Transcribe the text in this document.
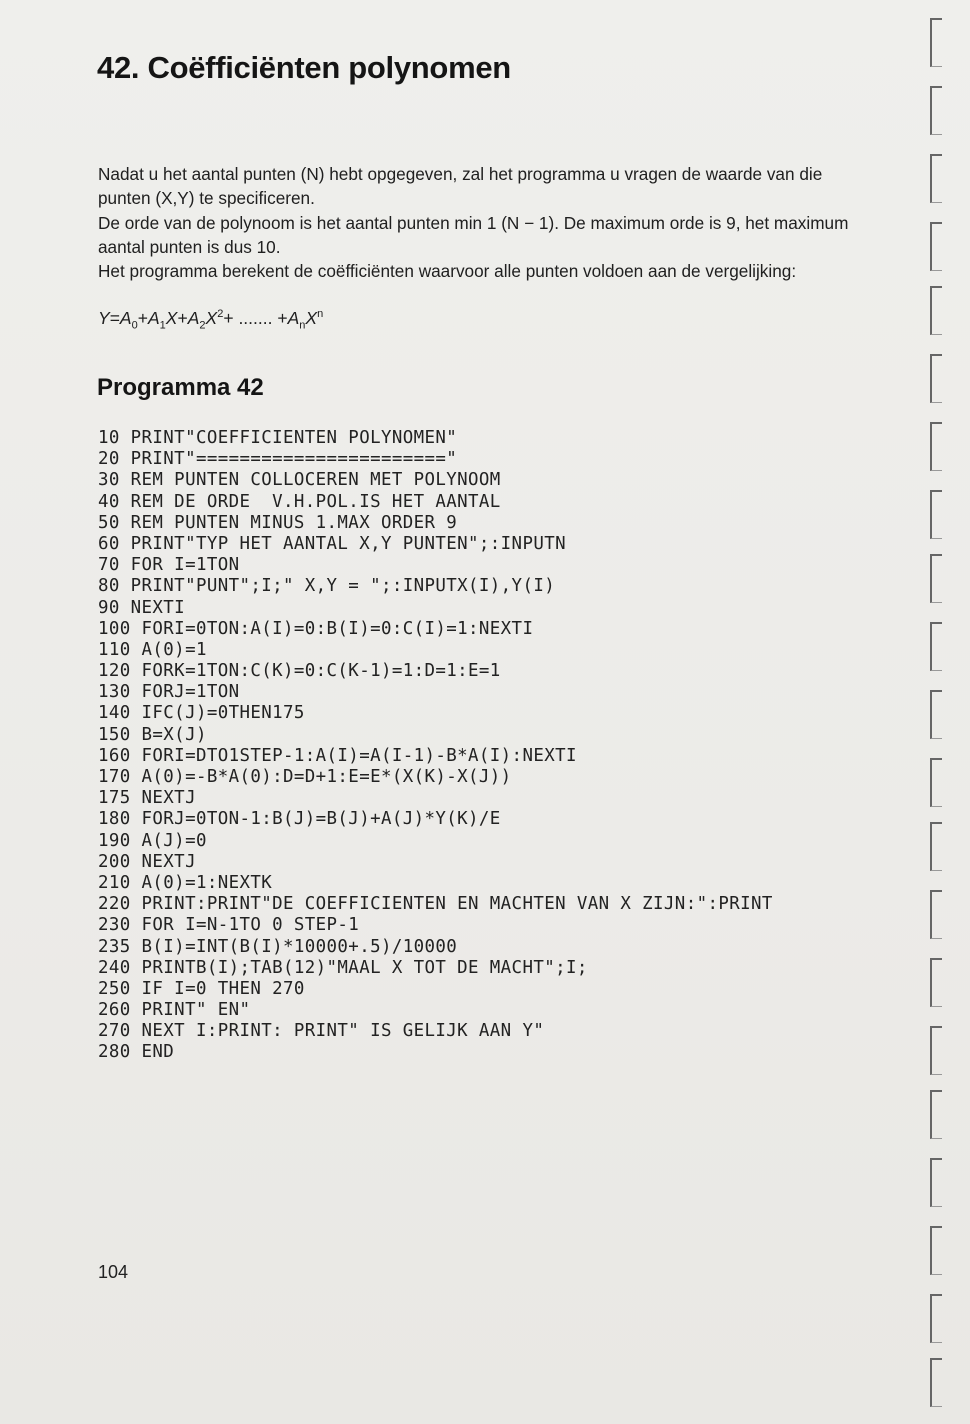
42. Coëfficiënten polynomen

Nadat u het aantal punten (N) hebt opgegeven, zal het programma u vragen de waarde van die punten (X,Y) te specificeren.

De orde van de polynoom is het aantal punten min 1 (N − 1). De maximum orde is 9, het maximum aantal punten is dus 10.

Het programma berekent de coëfficiënten waarvoor alle punten voldoen aan de vergelijking:

$Y=A_0+A_1X+A_2X^2+$ ....... $+A_nX^n$
Programma 42
10 PRINT"COEFFICIENTEN POLYNOMEN"
20 PRINT"======================="
30 REM PUNTEN COLLOCEREN MET POLYNOOM
40 REM DE ORDE  V.H.POL.IS HET AANTAL
50 REM PUNTEN MINUS 1.MAX ORDER 9
60 PRINT"TYP HET AANTAL X,Y PUNTEN";:INPUTN
70 FOR I=1TON
80 PRINT"PUNT";I;" X,Y = ";:INPUTX(I),Y(I)
90 NEXTI
100 FORI=0TON:A(I)=0:B(I)=0:C(I)=1:NEXTI
110 A(0)=1
120 FORK=1TON:C(K)=0:C(K-1)=1:D=1:E=1
130 FORJ=1TON
140 IFC(J)=0THEN175
150 B=X(J)
160 FORI=DTO1STEP-1:A(I)=A(I-1)-B*A(I):NEXTI
170 A(0)=-B*A(0):D=D+1:E=E*(X(K)-X(J))
175 NEXTJ
180 FORJ=0TON-1:B(J)=B(J)+A(J)*Y(K)/E
190 A(J)=0
200 NEXTJ
210 A(0)=1:NEXTK
220 PRINT:PRINT"DE COEFFICIENTEN EN MACHTEN VAN X ZIJN:":PRINT
230 FOR I=N-1TO 0 STEP-1
235 B(I)=INT(B(I)*10000+.5)/10000
240 PRINTB(I);TAB(12)"MAAL X TOT DE MACHT";I;
250 IF I=0 THEN 270
260 PRINT" EN"
270 NEXT I:PRINT: PRINT" IS GELIJK AAN Y"
280 END
104
